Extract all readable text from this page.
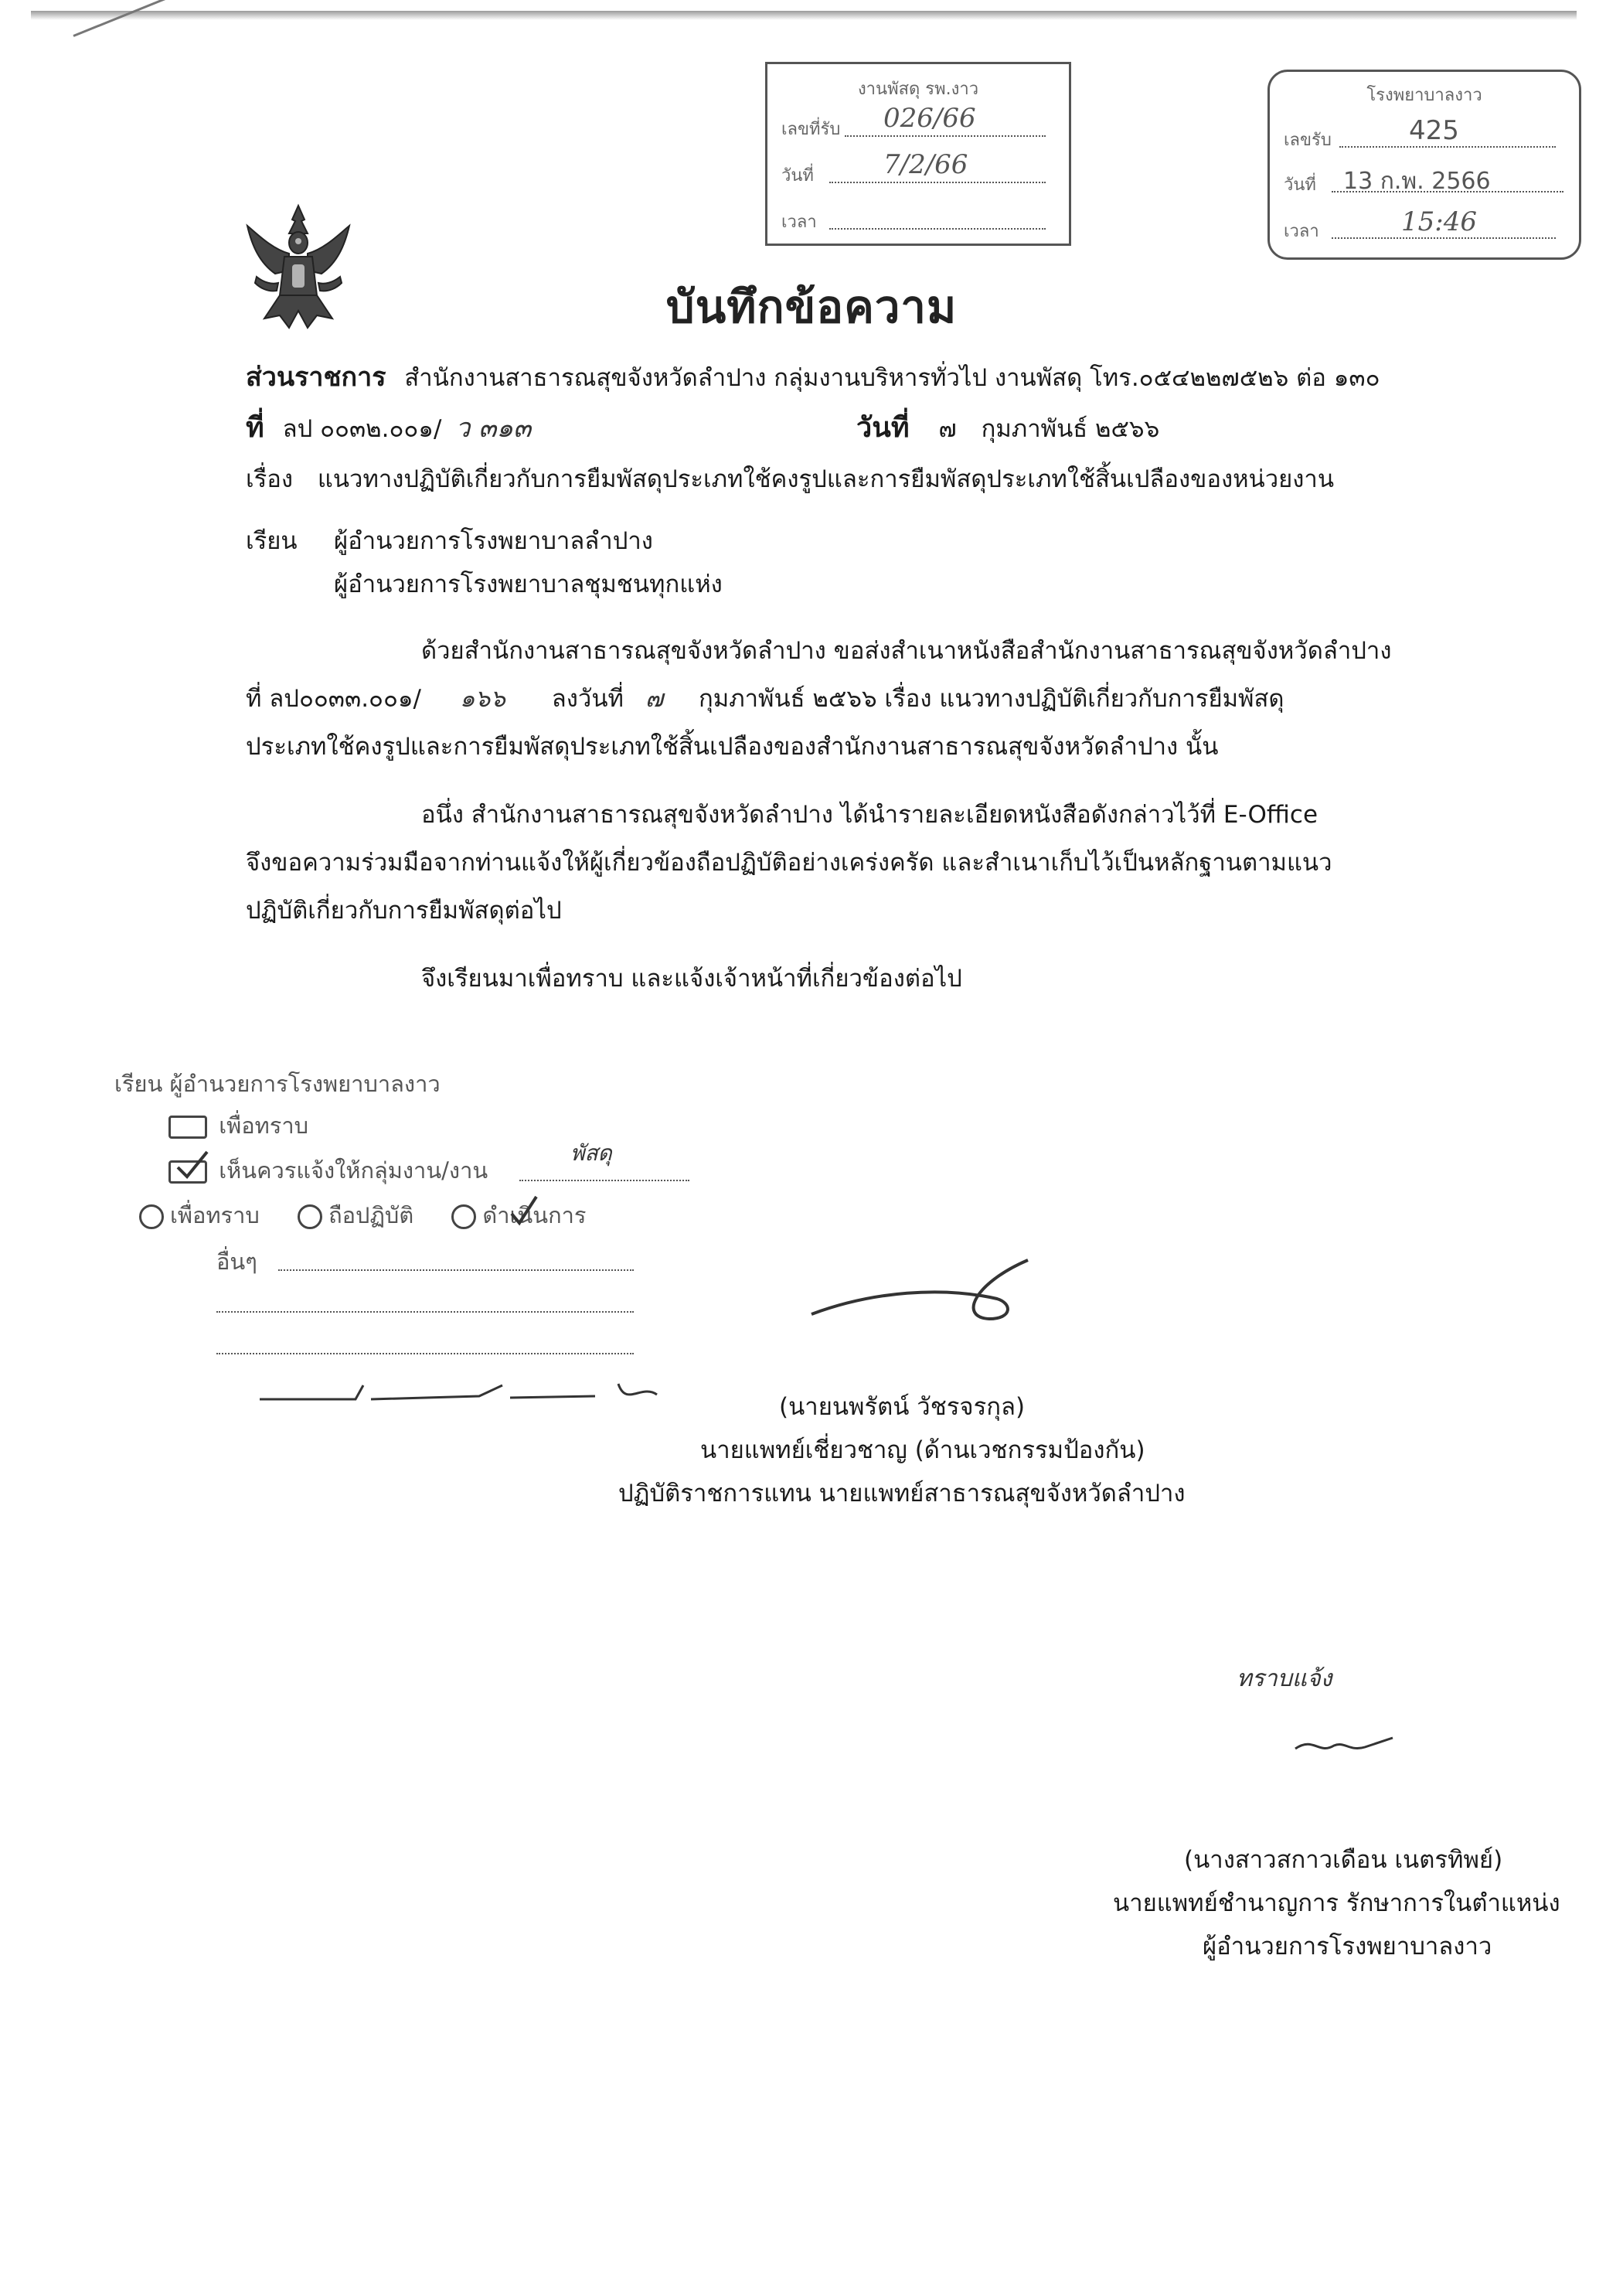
งานพัสดุ รพ.งาว
เลขที่รับ 026/66
วันที่	7/2/66
เวลา
โรงพยาบาลงาว
เลขรับ	425
วันที่ 13 ก.พ. 2566
เวลา	15:46
บันทึกข้อความ
ส่วนราชการ สำนักงานสาธารณสุขจังหวัดลำปาง กลุ่มงานบริหารทั่วไป งานพัสดุ โทร.๐๕๔๒๒๗๕๒๖ ต่อ ๑๓๐
ที่ ลป ๐๐๓๒.๐๐๑/ ว ๓๑๓	วันที่ ๗ กุมภาพันธ์ ๒๕๖๖
เรื่อง แนวทางปฏิบัติเกี่ยวกับการยืมพัสดุประเภทใช้คงรูปและการยืมพัสดุประเภทใช้สิ้นเปลืองของหน่วยงาน
เรียน ผู้อำนวยการโรงพยาบาลลำปาง
ผู้อำนวยการโรงพยาบาลชุมชนทุกแห่ง
ด้วยสำนักงานสาธารณสุขจังหวัดลำปาง ขอส่งสำเนาหนังสือสำนักงานสาธารณสุขจังหวัดลำปาง
ที่ ลป๐๐๓๓.๐๐๑/ ๑๖๖ ลงวันที่ ๗ กุมภาพันธ์ ๒๕๖๖ เรื่อง แนวทางปฏิบัติเกี่ยวกับการยืมพัสดุ
ประเภทใช้คงรูปและการยืมพัสดุประเภทใช้สิ้นเปลืองของสำนักงานสาธารณสุขจังหวัดลำปาง นั้น
อนึ่ง สำนักงานสาธารณสุขจังหวัดลำปาง ได้นำรายละเอียดหนังสือดังกล่าวไว้ที่ E-Office
จึงขอความร่วมมือจากท่านแจ้งให้ผู้เกี่ยวข้องถือปฏิบัติอย่างเคร่งครัด และสำเนาเก็บไว้เป็นหลักฐานตามแนว
ปฏิบัติเกี่ยวกับการยืมพัสดุต่อไป
จึงเรียนมาเพื่อทราบ และแจ้งเจ้าหน้าที่เกี่ยวข้องต่อไป
เรียน ผู้อำนวยการโรงพยาบาลงาว
เพื่อทราบ
เห็นควรแจ้งให้กลุ่มงาน/งาน
พัสดุ
เพื่อทราบ	ถือปฏิบัติ	ดำเนินการ
อื่นๆ
(นายนพรัตน์ วัชรจรกุล)
นายแพทย์เชี่ยวชาญ (ด้านเวชกรรมป้องกัน)
ปฏิบัติราชการแทน นายแพทย์สาธารณสุขจังหวัดลำปาง
ทราบแจ้ง
(นางสาวสกาวเดือน เนตรทิพย์)
นายแพทย์ชำนาญการ รักษาการในตำแหน่ง
ผู้อำนวยการโรงพยาบาลงาว
